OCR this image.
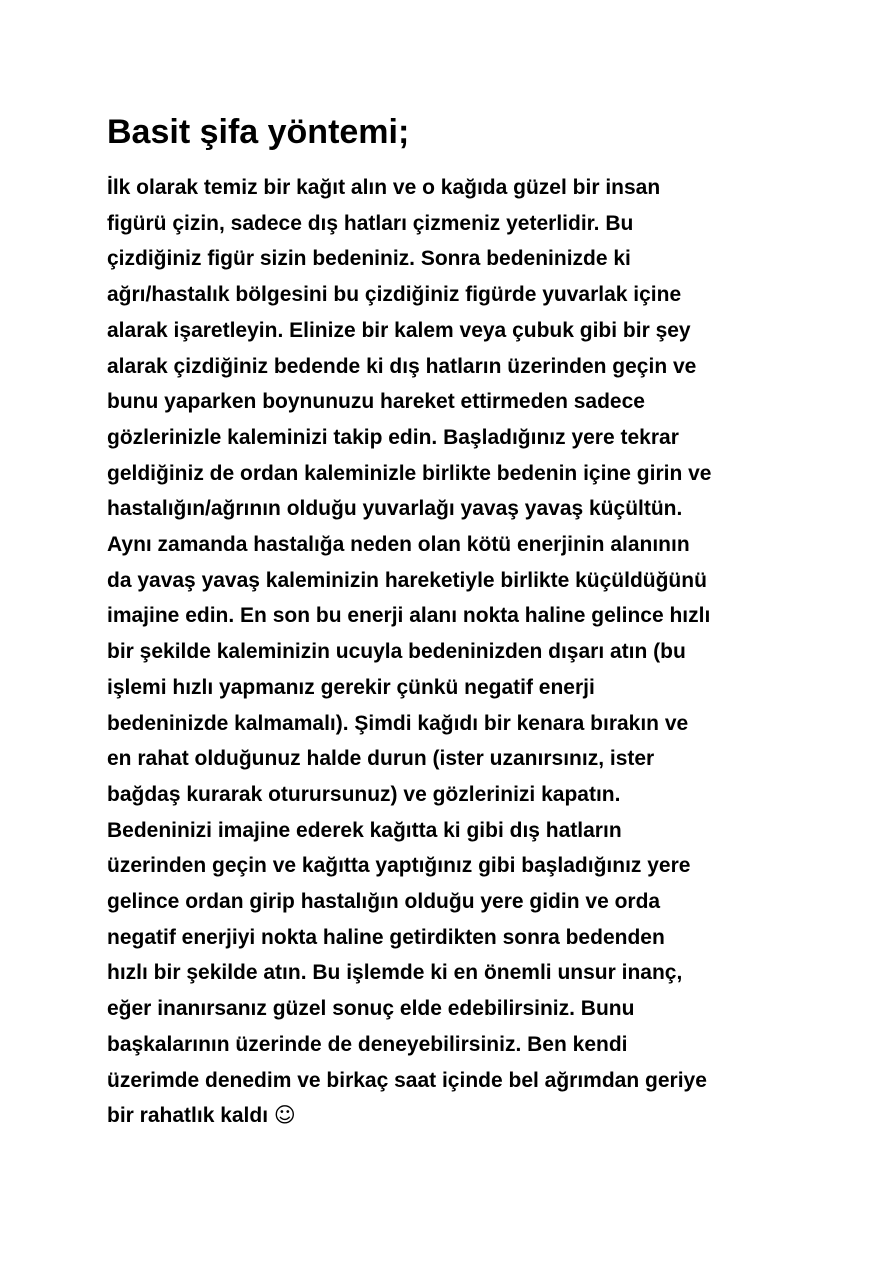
Basit şifa yöntemi;

İlk olarak temiz bir kağıt alın ve o kağıda güzel bir insan
figürü çizin, sadece dış hatları çizmeniz yeterlidir. Bu
çizdiğiniz figür sizin bedeniniz. Sonra bedeninizde ki
ağrı/hastalık bölgesini bu çizdiğiniz figürde yuvarlak içine
alarak işaretleyin. Elinize bir kalem veya çubuk gibi bir şey
alarak çizdiğiniz bedende ki dış hatların üzerinden geçin ve
bunu yaparken boynunuzu hareket ettirmeden sadece
gözlerinizle kaleminizi takip edin. Başladığınız yere tekrar
geldiğiniz de ordan kaleminizle birlikte bedenin içine girin ve
hastalığın/ağrının olduğu yuvarlağı yavaş yavaş küçültün.
Aynı zamanda hastalığa neden olan kötü enerjinin alanının
da yavaş yavaş kaleminizin hareketiyle birlikte küçüldüğünü
imajine edin. En son bu enerji alanı nokta haline gelince hızlı
bir şekilde kaleminizin ucuyla bedeninizden dışarı atın (bu
işlemi hızlı yapmanız gerekir çünkü negatif enerji
bedeninizde kalmamalı). Şimdi kağıdı bir kenara bırakın ve
en rahat olduğunuz halde durun (ister uzanırsınız, ister
bağdaş kurarak oturursunuz) ve gözlerinizi kapatın.
Bedeninizi imajine ederek kağıtta ki gibi dış hatların
üzerinden geçin ve kağıtta yaptığınız gibi başladığınız yere
gelince ordan girip hastalığın olduğu yere gidin ve orda
negatif enerjiyi nokta haline getirdikten sonra bedenden
hızlı bir şekilde atın. Bu işlemde ki en önemli unsur inanç,
eğer inanırsanız güzel sonuç elde edebilirsiniz. Bunu
başkalarının üzerinde de deneyebilirsiniz. Ben kendi
üzerimde denedim ve birkaç saat içinde bel ağrımdan geriye
bir rahatlık kaldı ☺
